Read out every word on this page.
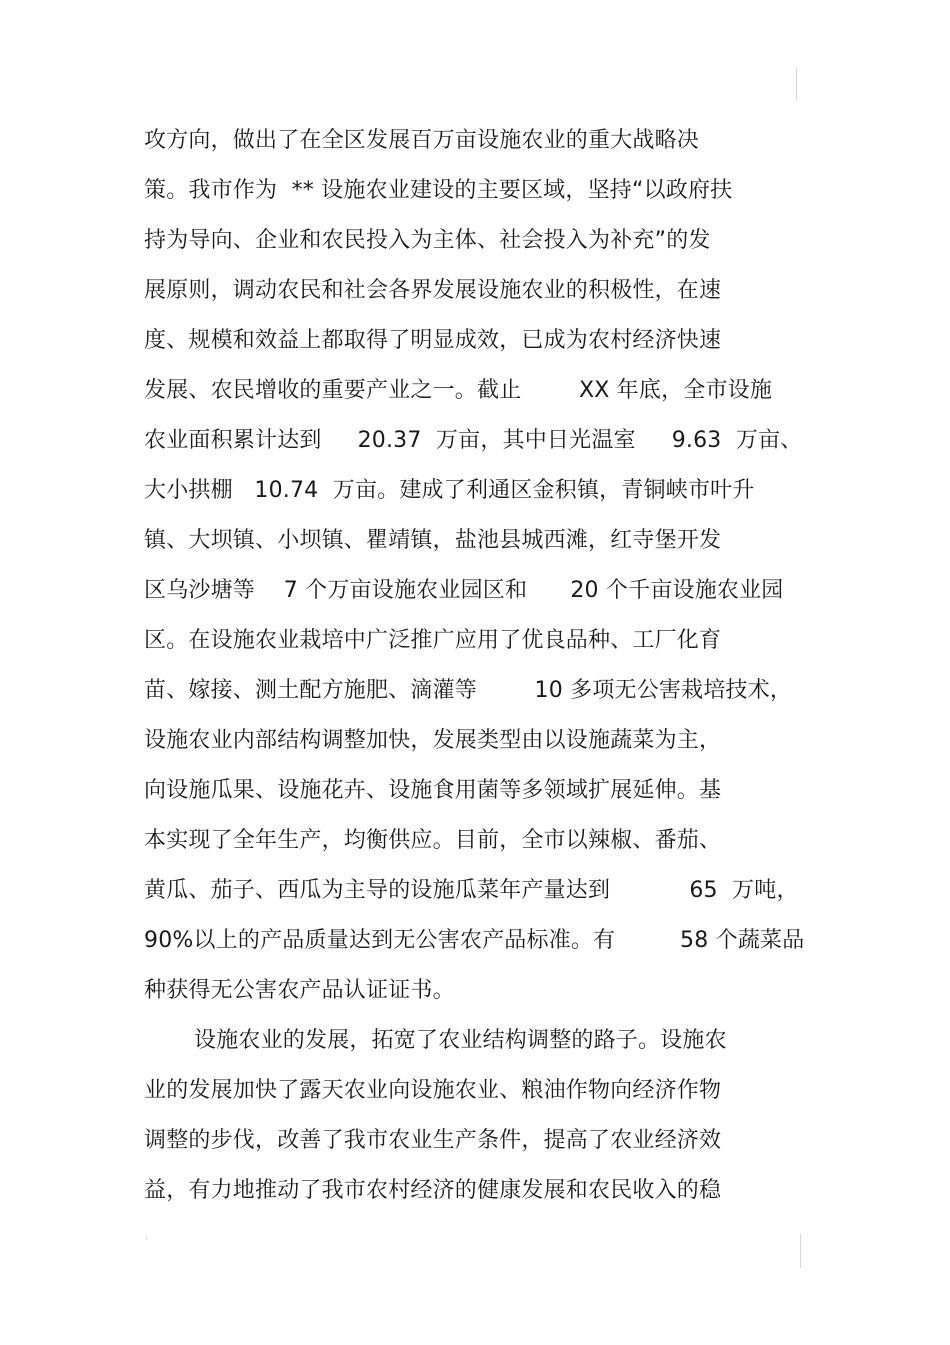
攻方向，做出了在全区发展百万亩设施农业的重大战略决
策。我市作为  ** 设施农业建设的主要区域，坚持“以政府扶
持为导向、企业和农民投入为主体、社会投入为补充”的发
展原则，调动农民和社会各界发展设施农业的积极性，在速
度、规模和效益上都取得了明显成效，已成为农村经济快速
发展、农民增收的重要产业之一。截止        XX 年底，全市设施
农业面积累计达到     20.37  万亩，其中日光温室     9.63  万亩、
大小拱棚   10.74  万亩。建成了利通区金积镇，青铜峡市叶升
镇、大坝镇、小坝镇、瞿靖镇，盐池县城西滩，红寺堡开发
区乌沙塘等    7 个万亩设施农业园区和      20 个千亩设施农业园
区。在设施农业栽培中广泛推广应用了优良品种、工厂化育
苗、嫁接、测土配方施肥、滴灌等        10 多项无公害栽培技术，
设施农业内部结构调整加快，发展类型由以设施蔬菜为主，
向设施瓜果、设施花卉、设施食用菌等多领域扩展延伸。基
本实现了全年生产，均衡供应。目前，全市以辣椒、番茄、
黄瓜、茄子、西瓜为主导的设施瓜菜年产量达到           65  万吨，
90%以上的产品质量达到无公害农产品标准。有         58 个蔬菜品
种获得无公害农产品认证证书。
设施农业的发展，拓宽了农业结构调整的路子。设施农
业的发展加快了露天农业向设施农业、粮油作物向经济作物
调整的步伐，改善了我市农业生产条件，提高了农业经济效
益，有力地推动了我市农村经济的健康发展和农民收入的稳
